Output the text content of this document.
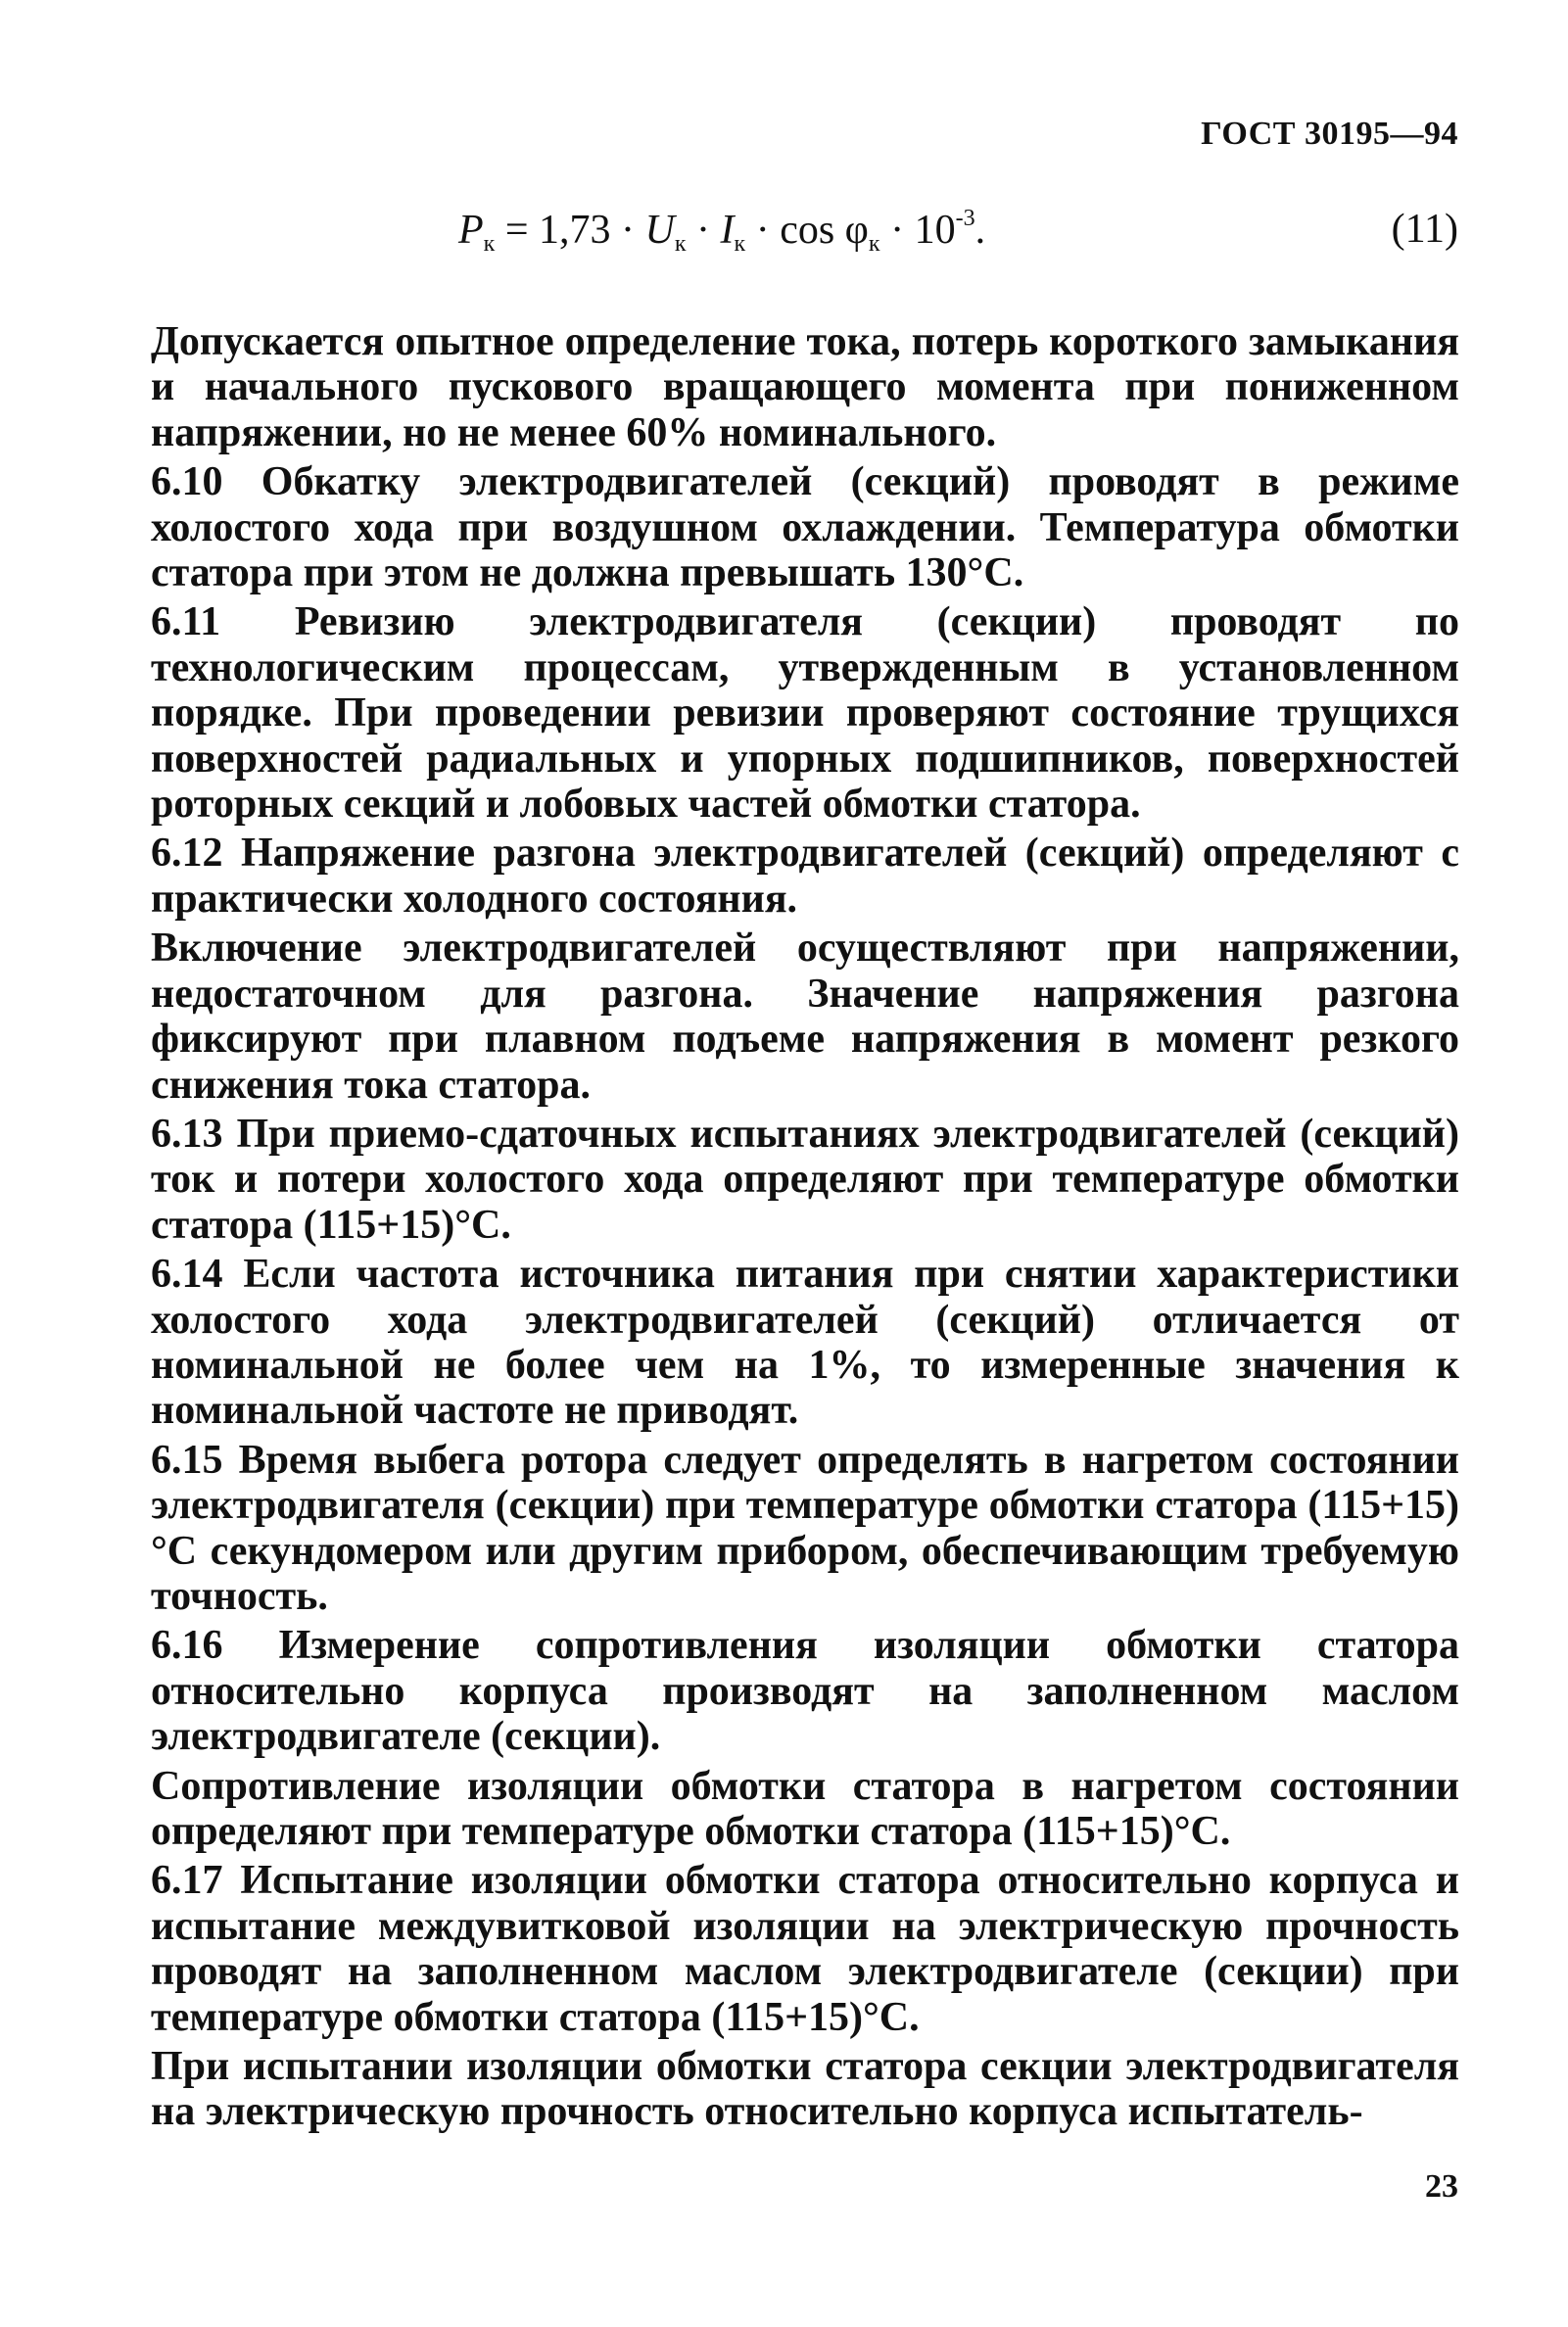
ГОСТ 30195—94
$P_к = 1,73 \cdot U_к \cdot I_к \cdot \cos \varphi_к \cdot 10^{-3}$.	(11)

Допускается опытное определение тока, потерь короткого замыкания и начального пускового вращающего момента при пониженном напряжении, но не менее 60% номинального.

6.10 Обкатку электродвигателей (секций) проводят в режиме холостого хода при воздушном охлаждении. Температура обмотки статора при этом не должна превышать 130°С.

6.11 Ревизию электродвигателя (секции) проводят по технологическим процессам, утвержденным в установленном порядке. При проведении ревизии проверяют состояние трущихся поверхностей радиальных и упорных подшипников, поверхностей роторных секций и лобовых частей обмотки статора.

6.12 Напряжение разгона электродвигателей (секций) определяют с практически холодного состояния.

Включение электродвигателей осуществляют при напряжении, недостаточном для разгона. Значение напряжения разгона фиксируют при плавном подъеме напряжения в момент резкого снижения тока статора.

6.13 При приемо-сдаточных испытаниях электродвигателей (секций) ток и потери холостого хода определяют при температуре обмотки статора (115+15)°С.

6.14 Если частота источника питания при снятии характеристики холостого хода электродвигателей (секций) отличается от номинальной не более чем на 1%, то измеренные значения к номинальной частоте не приводят.

6.15 Время выбега ротора следует определять в нагретом состоянии электродвигателя (секции) при температуре обмотки статора (115+15)°С секундомером или другим прибором, обеспечивающим требуемую точность.

6.16 Измерение сопротивления изоляции обмотки статора относительно корпуса производят на заполненном маслом электродвигателе (секции).

Сопротивление изоляции обмотки статора в нагретом состоянии определяют при температуре обмотки статора (115+15)°С.

6.17 Испытание изоляции обмотки статора относительно корпуса и испытание междувитковой изоляции на электрическую прочность проводят на заполненном маслом электродвигателе (секции) при температуре обмотки статора (115+15)°С.

При испытании изоляции обмотки статора секции электродвигателя на электрическую прочность относительно корпуса испытатель-

23
